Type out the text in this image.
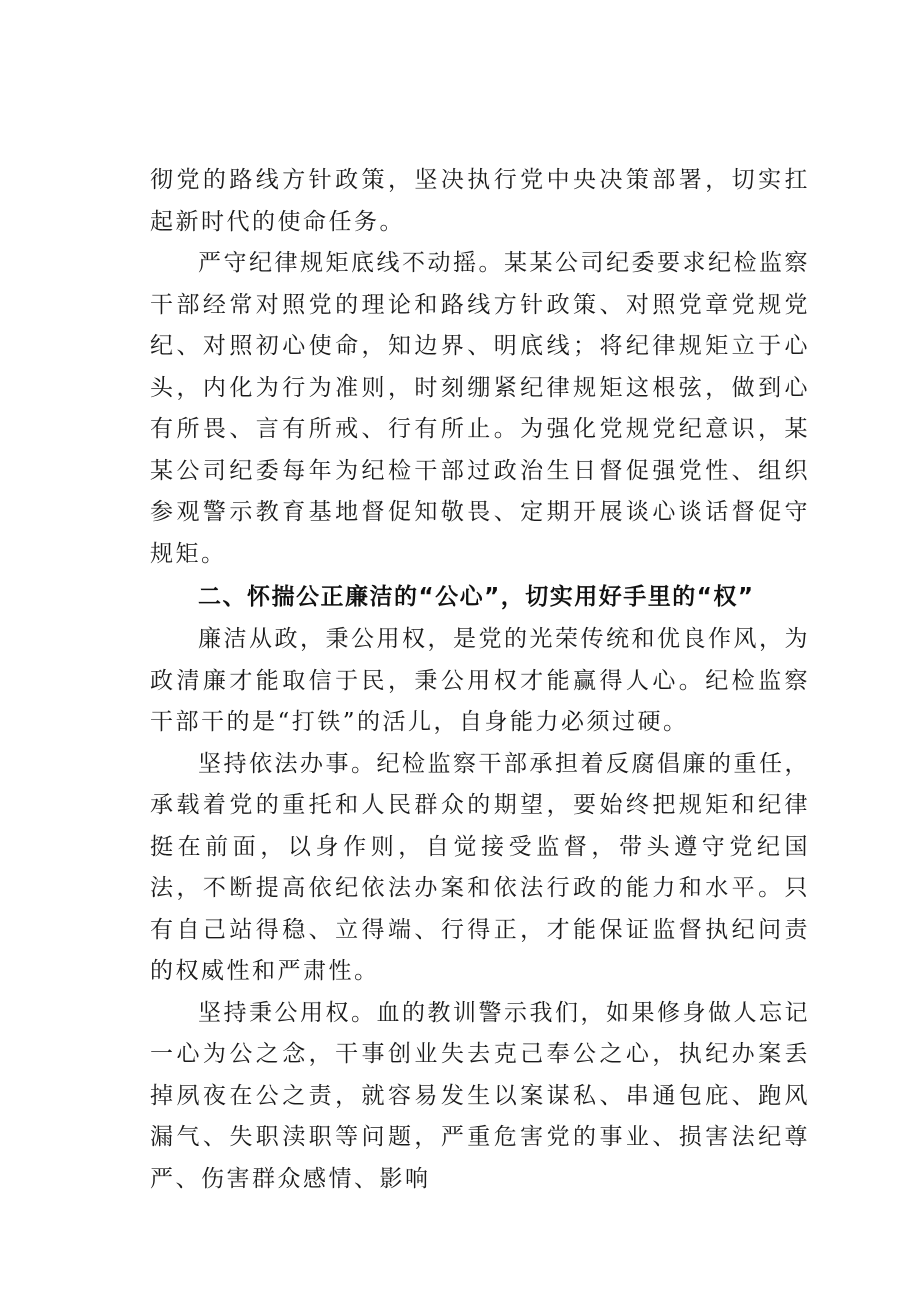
彻党的路线方针政策，坚决执行党中央决策部署，切实扛起新时代的使命任务。

严守纪律规矩底线不动摇。某某公司纪委要求纪检监察干部经常对照党的理论和路线方针政策、对照党章党规党纪、对照初心使命，知边界、明底线；将纪律规矩立于心头，内化为行为准则，时刻绷紧纪律规矩这根弦，做到心有所畏、言有所戒、行有所止。为强化党规党纪意识，某某公司纪委每年为纪检干部过政治生日督促强党性、组织参观警示教育基地督促知敬畏、定期开展谈心谈话督促守规矩。

二、怀揣公正廉洁的“公心”，切实用好手里的“权”

廉洁从政，秉公用权，是党的光荣传统和优良作风，为政清廉才能取信于民，秉公用权才能赢得人心。纪检监察干部干的是“打铁”的活儿，自身能力必须过硬。

坚持依法办事。纪检监察干部承担着反腐倡廉的重任，承载着党的重托和人民群众的期望，要始终把规矩和纪律挺在前面，以身作则，自觉接受监督，带头遵守党纪国法，不断提高依纪依法办案和依法行政的能力和水平。只有自己站得稳、立得端、行得正，才能保证监督执纪问责的权威性和严肃性。

坚持秉公用权。血的教训警示我们，如果修身做人忘记一心为公之念，干事创业失去克己奉公之心，执纪办案丢掉夙夜在公之责，就容易发生以案谋私、串通包庇、跑风漏气、失职渎职等问题，严重危害党的事业、损害法纪尊严、伤害群众感情、影响
